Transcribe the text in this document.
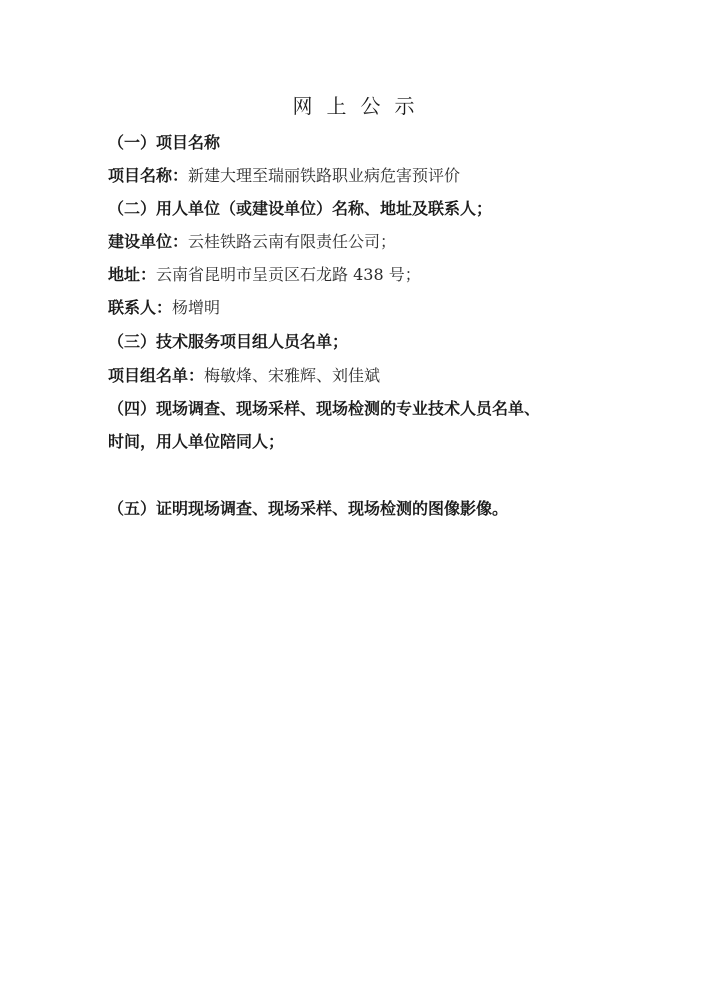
网上公示
（一）项目名称
项目名称：新建大理至瑞丽铁路职业病危害预评价
（二）用人单位（或建设单位）名称、地址及联系人；
建设单位：云桂铁路云南有限责任公司；
地址：云南省昆明市呈贡区石龙路 438 号；
联系人：杨增明
（三）技术服务项目组人员名单；
项目组名单：梅敏烽、宋雅辉、刘佳斌
（四）现场调查、现场采样、现场检测的专业技术人员名单、
时间，用人单位陪同人；
（五）证明现场调查、现场采样、现场检测的图像影像。
